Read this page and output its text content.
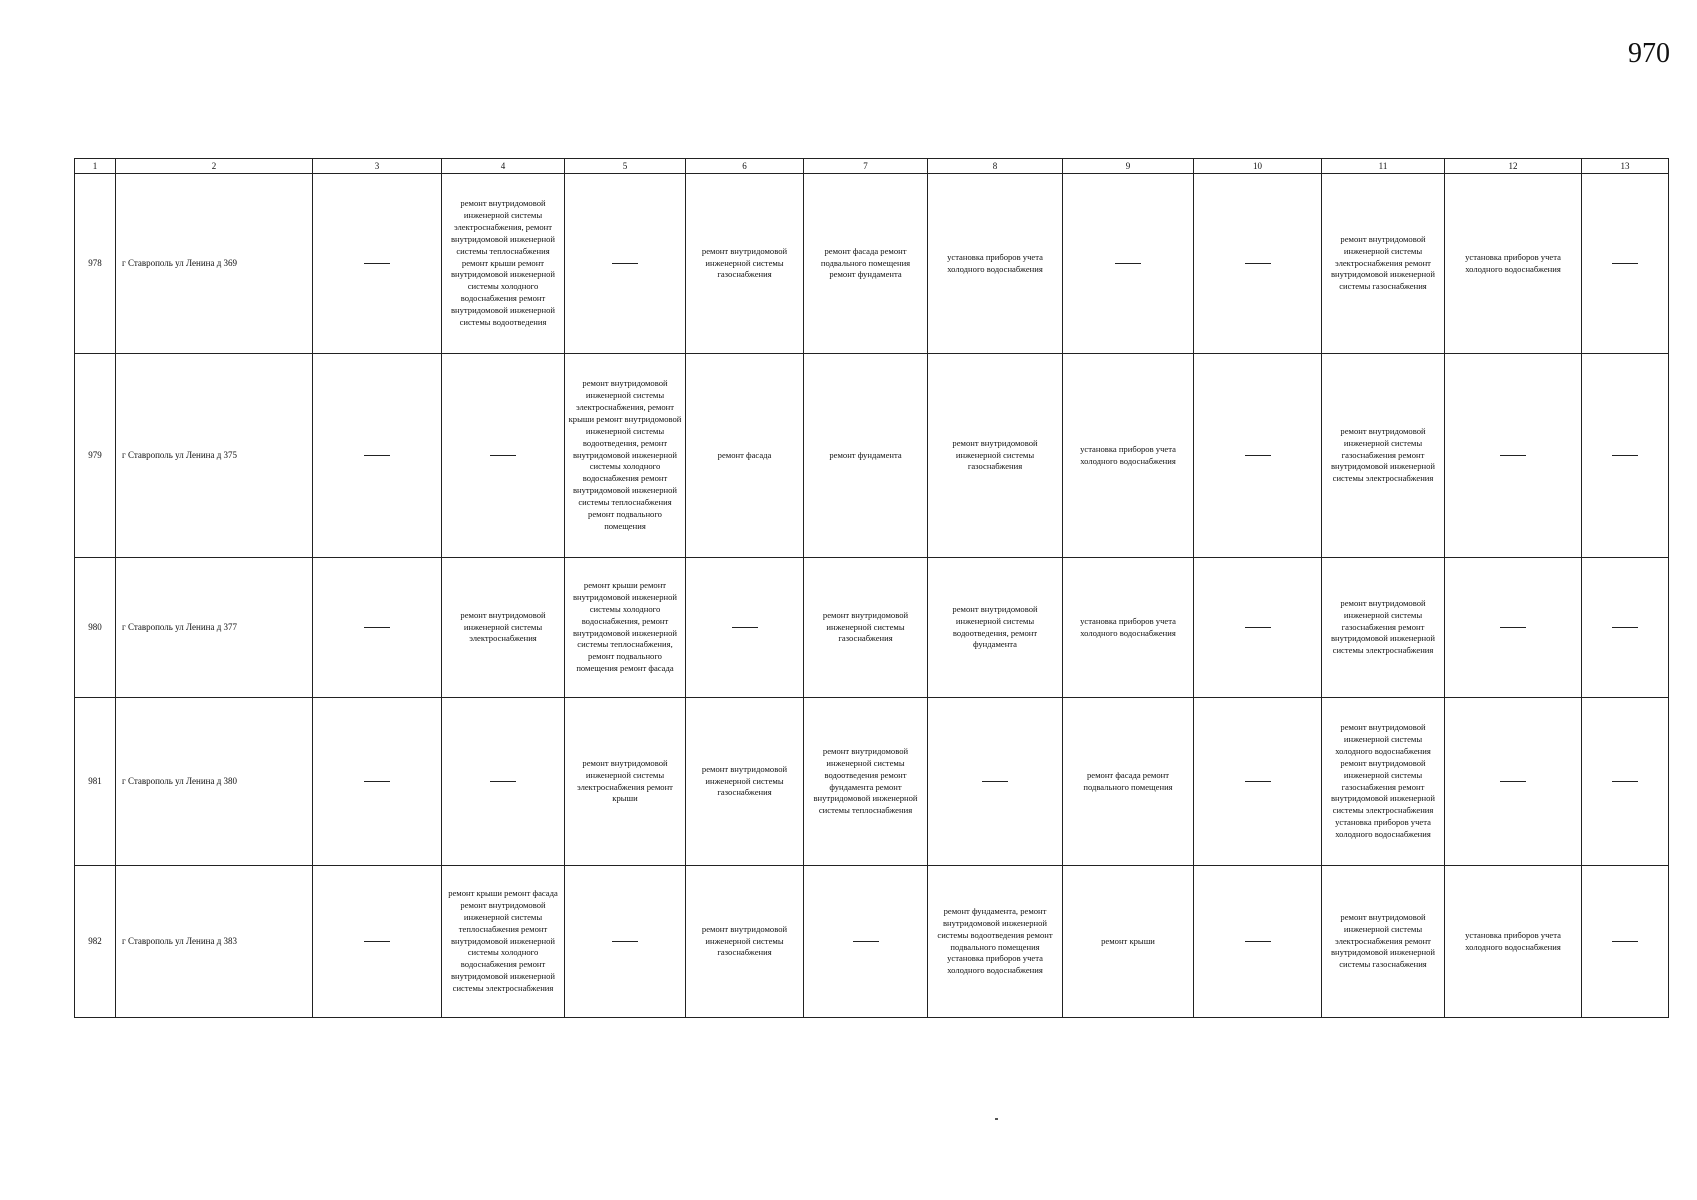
970
1	2	3	4	5	6	7	8	9	10	11	12	13
978	г Ставрополь ул Ленина д 369		ремонт внутридомовой инженерной системы электроснабжения, ремонт внутридомовой инженерной системы теплоснабжения ремонт крыши ремонт внутридомовой инженерной системы холодного водоснабжения ремонт внутридомовой инженерной системы водоотведения		ремонт внутридомовой инженерной системы газоснабжения	ремонт фасада ремонт подвального помещения ремонт фундамента	установка приборов учета холодного водоснабжения			ремонт внутридомовой инженерной системы электроснабжения ремонт внутридомовой инженерной системы газоснабжения	установка приборов учета холодного водоснабжения	
979	г Ставрополь ул Ленина д 375			ремонт внутридомовой инженерной системы электроснабжения, ремонт крыши ремонт внутридомовой инженерной системы водоотведения, ремонт внутридомовой инженерной системы холодного водоснабжения ремонт внутридомовой инженерной системы теплоснабжения ремонт подвального помещения	ремонт фасада	ремонт фундамента	ремонт внутридомовой инженерной системы газоснабжения	установка приборов учета холодного водоснабжения		ремонт внутридомовой инженерной системы газоснабжения ремонт внутридомовой инженерной системы электроснабжения		
980	г Ставрополь ул Ленина д 377		ремонт внутридомовой инженерной системы электроснабжения	ремонт крыши ремонт внутридомовой инженерной системы холодного водоснабжения, ремонт внутридомовой инженерной системы теплоснабжения, ремонт подвального помещения ремонт фасада		ремонт внутридомовой инженерной системы газоснабжения	ремонт внутридомовой инженерной системы водоотведения, ремонт фундамента	установка приборов учета холодного водоснабжения		ремонт внутридомовой инженерной системы газоснабжения ремонт внутридомовой инженерной системы электроснабжения		
981	г Ставрополь ул Ленина д 380			ремонт внутридомовой инженерной системы электроснабжения ремонт крыши	ремонт внутридомовой инженерной системы газоснабжения	ремонт внутридомовой инженерной системы водоотведения ремонт фундамента ремонт внутридомовой инженерной системы теплоснабжения		ремонт фасада ремонт подвального помещения		ремонт внутридомовой инженерной системы холодного водоснабжения ремонт внутридомовой инженерной системы газоснабжения ремонт внутридомовой инженерной системы электроснабжения установка приборов учета холодного водоснабжения		
982	г Ставрополь ул Ленина д 383		ремонт крыши ремонт фасада ремонт внутридомовой инженерной системы теплоснабжения ремонт внутридомовой инженерной системы холодного водоснабжения ремонт внутридомовой инженерной системы электроснабжения		ремонт внутридомовой инженерной системы газоснабжения		ремонт фундамента, ремонт внутридомовой инженерной системы водоотведения ремонт подвального помещения установка приборов учета холодного водоснабжения	ремонт крыши		ремонт внутридомовой инженерной системы электроснабжения ремонт внутридомовой инженерной системы газоснабжения	установка приборов учета холодного водоснабжения	
